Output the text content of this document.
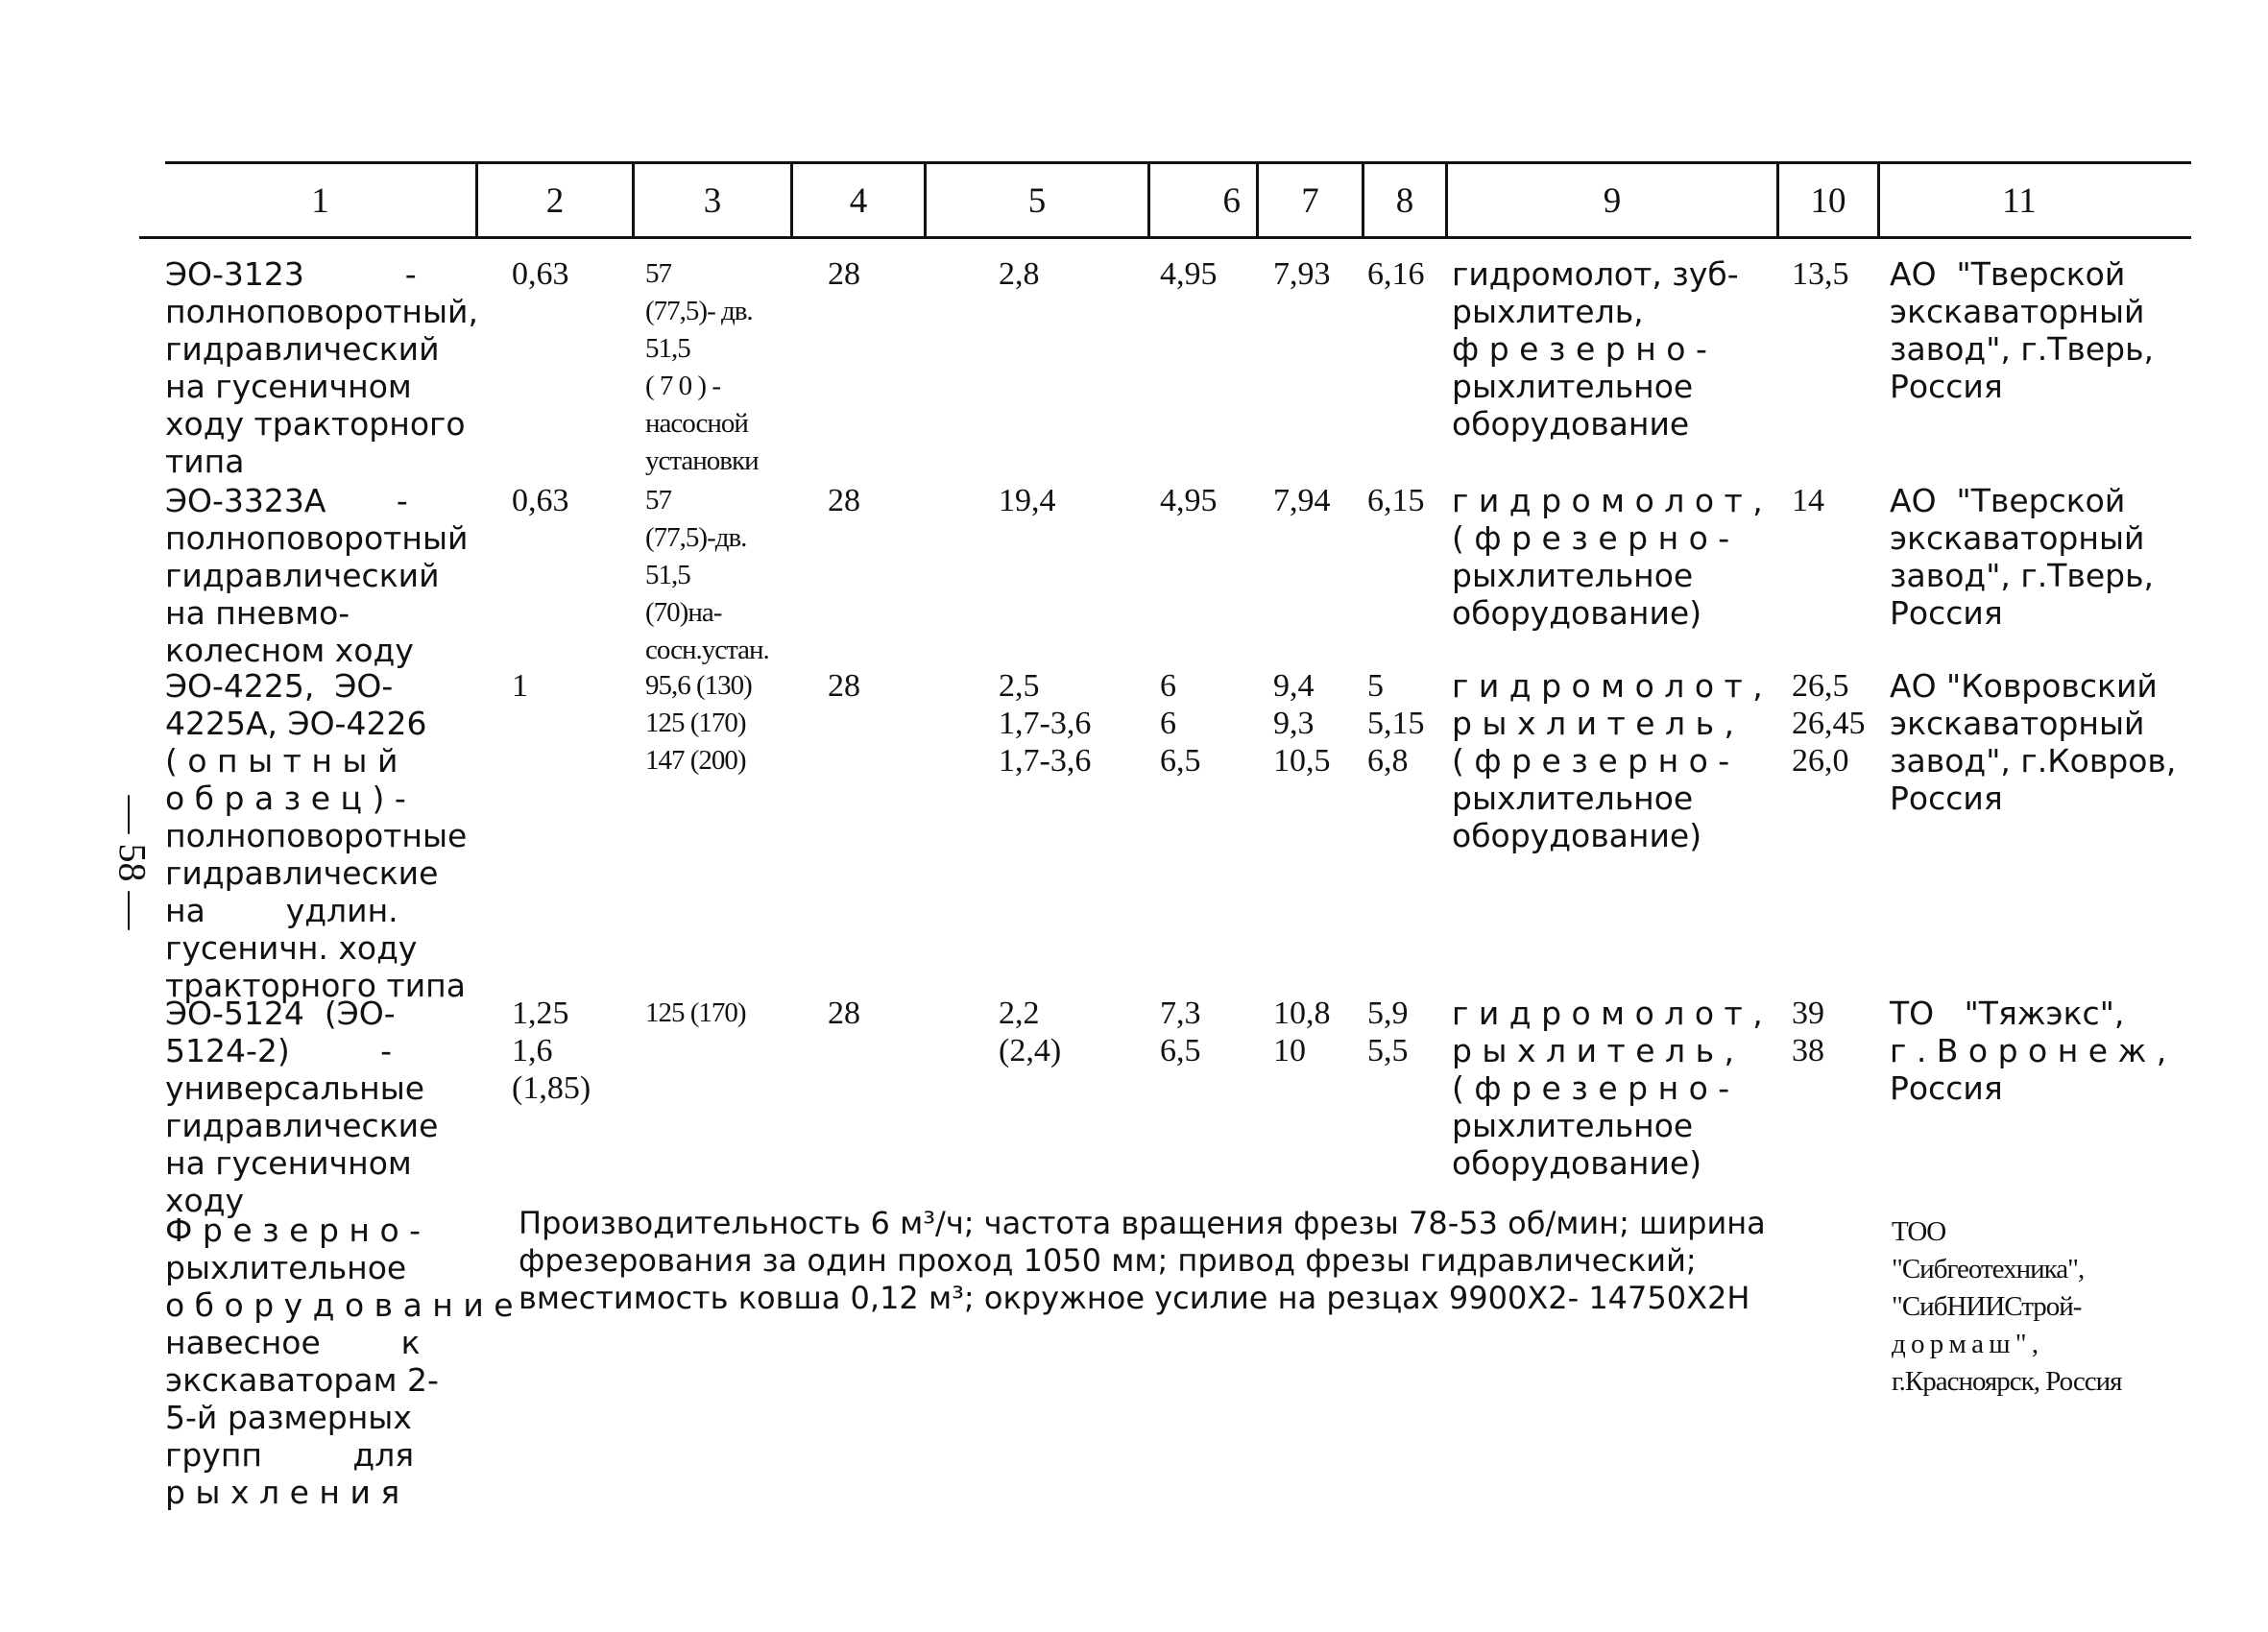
1	2	3	4	5	6	7	8	9	10	11
— 58 —
ЭО-3123          -
полноповоротный,
гидравлический
на гусеничном
ходу тракторного
типа
0,63	57
(77,5)- дв.
51,5
( 7 0 ) -
насосной
установки
28	2,8	4,95 7,93 6,16 гидромолот, зуб-
рыхлитель,
ф р е з е р н о -
рыхлительное
оборудование
13,5 АО  "Тверской
экскаваторный
завод", г.Тверь,
Россия
ЭО-3323А       -
полноповоротный
гидравлический
на пневмо-
колесном ходу
0,63	57
(77,5)-дв.
51,5
(70)на-
сосн.устан.
28	19,4	4,95 7,94 6,15 г и д р о м о л о т ,
( ф р е з е р н о -
рыхлительное
оборудование)
14 АО  "Тверской
экскаваторный
завод", г.Тверь,
Россия
ЭО-4225,  ЭО-
4225А, ЭО-4226
( о п ы т н ы й
о б р а з е ц ) -
полноповоротные
гидравлические
на        удлин.
гусеничн. ходу
тракторного типа
1	95,6 (130)
125 (170)
147 (200)
28	2,5
1,7-3,6
1,7-3,6
6
6
6,5
9,4
9,3
10,5
5
5,15
6,8
г и д р о м о л о т ,
р ы х л и т е л ь ,
( ф р е з е р н о -
рыхлительное
оборудование)
26,5
26,45
26,0
АО "Ковровский
экскаваторный
завод", г.Ковров,
Россия
ЭО-5124  (ЭО-
5124-2)         -
универсальные
гидравлические
на гусеничном
ходу
1,25
1,6
(1,85)
125 (170)	28	2,2
(2,4)
7,3
6,5
10,8
10
5,9
5,5
г и д р о м о л о т ,
р ы х л и т е л ь ,
( ф р е з е р н о -
рыхлительное
оборудование)
39
38
ТО   "Тяжэкс",
г . В о р о н е ж ,
Россия
Ф р е з е р н о -
рыхлительное
о б о р у д о в а н и е
навесное        к
экскаваторам 2-
5-й размерных
групп         для
р ы х л е н и я
Производительность 6 м³/ч; частота вращения фрезы 78-53 об/мин; ширина
фрезерования за один проход 1050 мм; привод фрезы гидравлический;
вместимость ковша 0,12 м³; окружное усилие на резцах 9900Х2- 14750Х2Н
ТОО
"Сибгеотехника",
"СибНИИСтрой-
д о р м а ш " ,
г.Красноярск, Россия
